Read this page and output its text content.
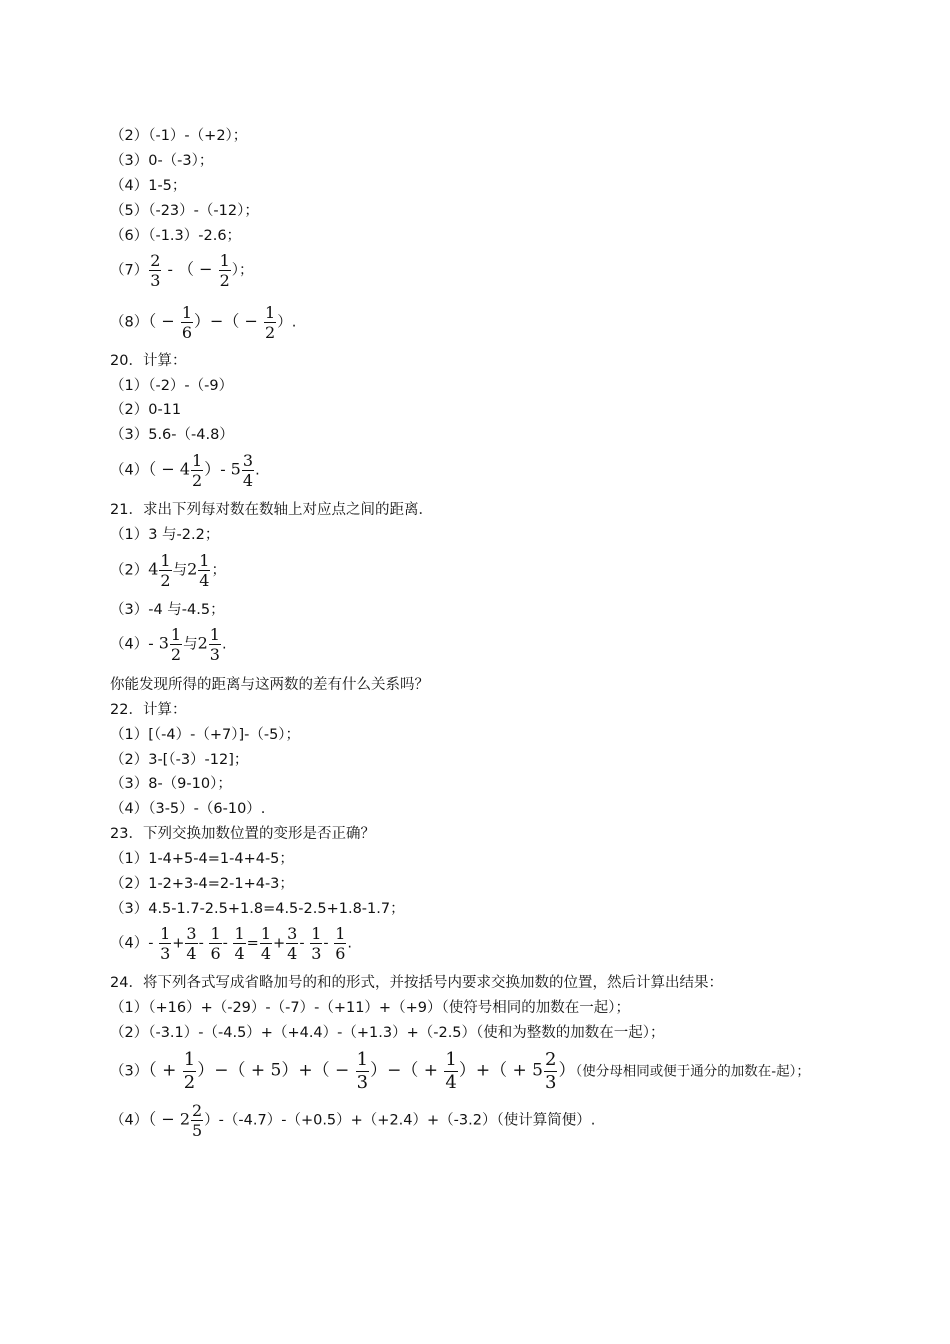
（2）（-1）-（+2）；
（3）0-（-3）；
（4）1-5；
（5）（-23）-（-12）；
（6）（-1.3）-2.6；
$(7) \frac{2}{3}$ - （ − $\frac{1}{2}$ ）；
$(8)( - \frac{1}{6}$ ）−（ − $\frac{1}{2}$ ）.
20．计算：
（1）（-2）-（-9）
（2）0-11
（3）5.6-（-4.8）
$(4)( - 4 \frac{1}{2}$ ）- $5 \frac{3}{4}$ .
21．求出下列每对数在数轴上对应点之间的距离．
（1）3 与-2.2；
$(2)4 \frac{1}{2}$ 与$2 \frac{1}{4}$ ；
（3）-4 与-4.5；
（4）- $3 \frac{1}{2}$ 与$2 \frac{1}{3}$ .
你能发现所得的距离与这两数的差有什么关系吗？
22．计算：
（1）[（-4）-（+7）]-（-5）；
（2）3-[（-3）-12]；
（3）8-（9-10）；
（4）（3-5）-（6-10）.
23．下列交换加数位置的变形是否正确？
（1）1-4+5-4=1-4+4-5；
（2）1-2+3-4=2-1+4-3；
（3）4.5-1.7-2.5+1.8=4.5-2.5+1.8-1.7；
$(4)- \frac{1}{3} + \frac{3}{4} - \frac{1}{6} - \frac{1}{4} = \frac{1}{4} + \frac{3}{4} - \frac{1}{3} - \frac{1}{6}$ .
24．将下列各式写成省略加号的和的形式，并按括号内要求交换加数的位置，然后计算出结果：
（1）（+16）+（-29）-（-7）-（+11）+（+9）（使符号相同的加数在一起）；
（2）（-3.1）-（-4.5）+（+4.4）-（+1.3）+（-2.5）（使和为整数的加数在一起）；
$(3)( + \frac{1}{2}$ ）−（ + $5)+( - \frac{1}{3}$ ）−（ + $\frac{1}{4}$ ）+（ + $5 \frac{2}{3}$ ）（使分母相同或便于通分的加数在-起）；
$(4)( - 2 \frac{2}{5} )-(-4.7)-(+0.5)+(+2.4)+(-3.2)$（使计算简便）.
